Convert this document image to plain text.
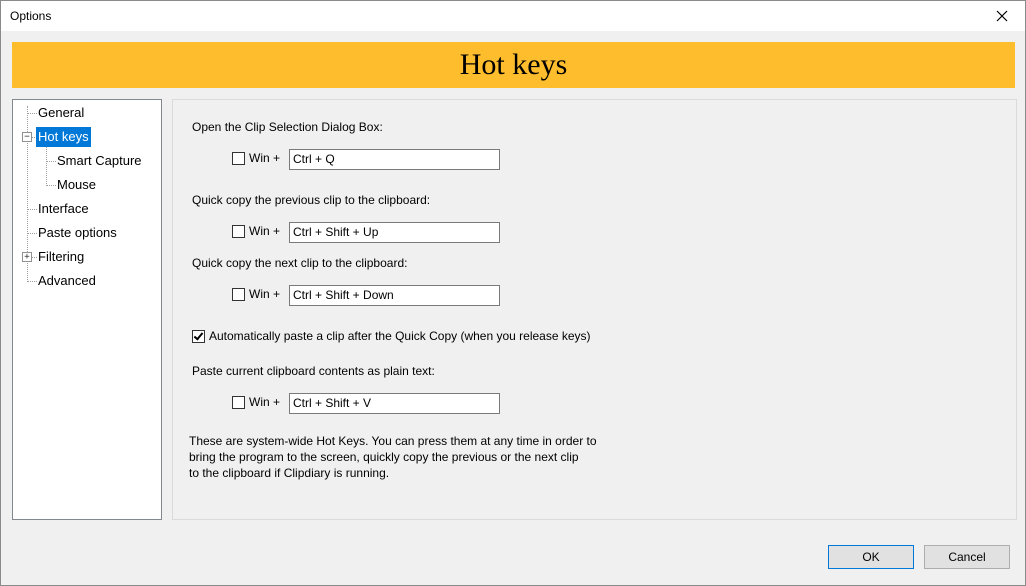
Options
Hot keys
−
+
General
Hot keys
Smart Capture
Mouse
Interface
Paste options
Filtering
Advanced
Open the Clip Selection Dialog Box:
Win +	Ctrl + Q
Quick copy the previous clip to the clipboard:
Win +	Ctrl + Shift + Up
Quick copy the next clip to the clipboard:
Win +	Ctrl + Shift + Down
Automatically paste a clip after the Quick Copy (when you release keys)
Paste current clipboard contents as plain text:
Win +	Ctrl + Shift + V
These are system-wide Hot Keys. You can press them at any time in order to
bring the program to the screen, quickly copy the previous or the next clip
to the clipboard if Clipdiary is running.
OK	Cancel
